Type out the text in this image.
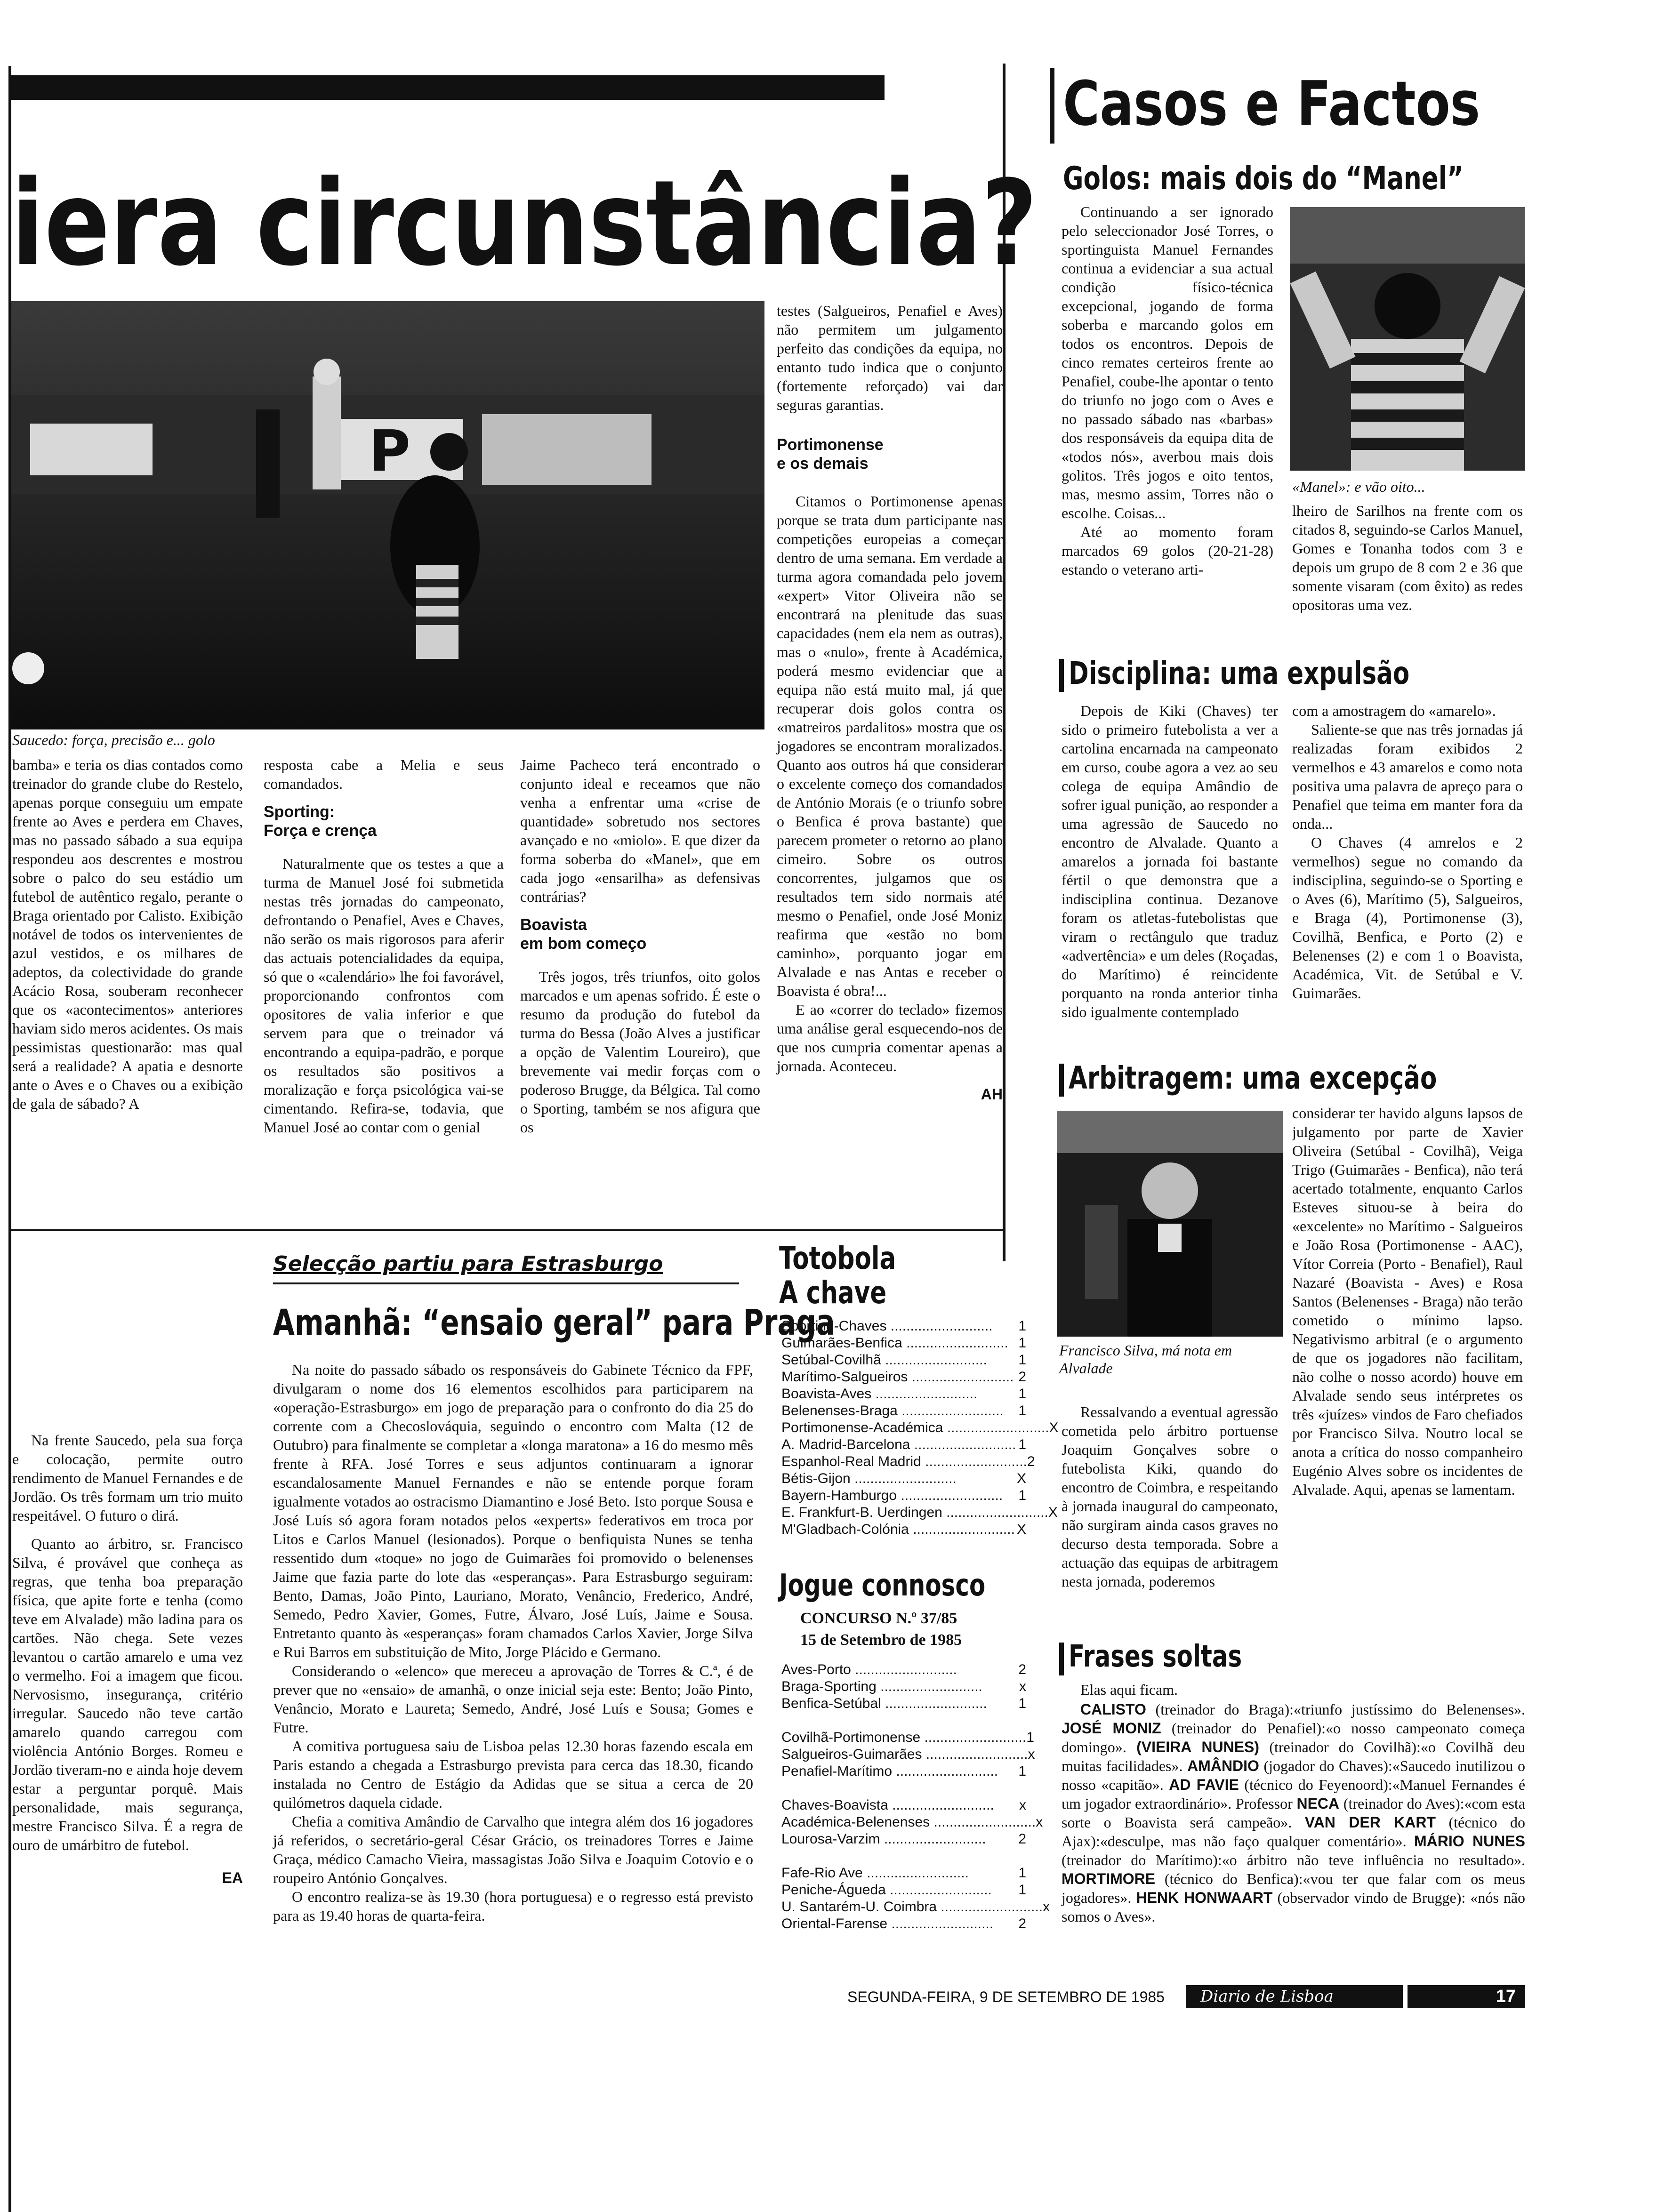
iera circunstância?
P
Saucedo: força, precisão e... golo

bamba» e teria os dias contados como treinador do grande clube do Restelo, apenas porque conseguiu um empate frente ao Aves e perdera em Chaves, mas no passado sábado a sua equipa respondeu aos descrentes e mostrou sobre o palco do seu estádio um futebol de autêntico regalo, perante o Braga orientado por Calisto. Exibição notável de todos os intervenientes de azul vestidos, e os milhares de adeptos, da colectividade do grande Acácio Rosa, souberam reconhecer que os «acontecimentos» anteriores haviam sido meros acidentes. Os mais pessimistas questionarão: mas qual será a realidade? A apatia e desnorte ante o Aves e o Chaves ou a exibição de gala de sábado? A

Na frente Saucedo, pela sua força e colocação, permite outro rendimento de Manuel Fernandes e de Jordão. Os três formam um trio muito respeitável. O futuro o dirá.

Quanto ao árbitro, sr. Francisco Silva, é provável que conheça as regras, que tenha boa preparação física, que apite forte e tenha (como teve em Alvalade) mão ladina para os cartões. Não chega. Sete vezes levantou o cartão amarelo e uma vez o vermelho. Foi a imagem que ficou. Nervosismo, insegurança, critério irregular. Saucedo não teve cartão amarelo quando carregou com violência António Borges. Romeu e Jordão tiveram-no e ainda hoje devem estar a perguntar porquê. Mais personalidade, mais segurança, mestre Francisco Silva. É a regra de ouro de umárbitro de futebol.

EA

resposta cabe a Melia e seus comandados.

Sporting:
Força e crença

Naturalmente que os testes a que a turma de Manuel José foi submetida nestas três jornadas do campeonato, defrontando o Penafiel, Aves e Chaves, não serão os mais rigorosos para aferir das actuais potencialidades da equipa, só que o «calendário» lhe foi favorável, proporcionando confrontos com opositores de valia inferior e que servem para que o treinador vá encontrando a equipa-padrão, e porque os resultados são positivos a moralização e força psicológica vai-se cimentando. Refira-se, todavia, que Manuel José ao contar com o genial

Jaime Pacheco terá encontrado o conjunto ideal e receamos que não venha a enfrentar uma «crise de quantidade» sobretudo nos sectores avançado e no «miolo». E que dizer da forma soberba do «Manel», que em cada jogo «ensarilha» as defensivas contrárias?

Boavista
em bom começo

Três jogos, três triunfos, oito golos marcados e um apenas sofrido. É este o resumo da produção do futebol da turma do Bessa (João Alves a justificar a opção de Valentim Loureiro), que brevemente vai medir forças com o poderoso Brugge, da Bélgica. Tal como o Sporting, também se nos afigura que os

testes (Salgueiros, Penafiel e Aves) não permitem um julgamento perfeito das condições da equipa, no entanto tudo indica que o conjunto (fortemente reforçado) vai dar seguras garantias.

Portimonense
e os demais

Citamos o Portimonense apenas porque se trata dum participante nas competições europeias a começar dentro de uma semana. Em verdade a turma agora comandada pelo jovem «expert» Vitor Oliveira não se encontrará na plenitude das suas capacidades (nem ela nem as outras), mas o «nulo», frente à Académica, poderá mesmo evidenciar que a equipa não está muito mal, já que recuperar dois golos contra os «matreiros pardalitos» mostra que os jogadores se encontram moralizados. Quanto aos outros há que considerar o excelente começo dos comandados de António Morais (e o triunfo sobre o Benfica é prova bastante) que parecem prometer o retorno ao plano cimeiro. Sobre os outros concorrentes, julgamos que os resultados tem sido normais até mesmo o Penafiel, onde José Moniz reafirma que «estão no bom caminho», porquanto jogar em Alvalade e nas Antas e receber o Boavista é obra!...

E ao «correr do teclado» fizemos uma análise geral esquecendo-nos de que nos cumpria comentar apenas a jornada. Aconteceu.

AH
Selecção partiu para Estrasburgo
Amanhã: “ensaio geral” para Praga

Na noite do passado sábado os responsáveis do Gabinete Técnico da FPF, divulgaram o nome dos 16 elementos escolhidos para participarem na «operação-Estrasburgo» em jogo de preparação para o confronto do dia 25 do corrente com a Checoslováquia, seguindo o encontro com Malta (12 de Outubro) para finalmente se completar a «longa maratona» a 16 do mesmo mês frente à RFA. José Torres e seus adjuntos continuaram a ignorar escandalosamente Manuel Fernandes e não se entende porque foram igualmente votados ao ostracismo Diamantino e José Beto. Isto porque Sousa e José Luís só agora foram notados pelos «experts» federativos em troca por Litos e Carlos Manuel (lesionados). Porque o benfiquista Nunes se tenha ressentido dum «toque» no jogo de Guimarães foi promovido o belenenses Jaime que fazia parte do lote das «esperanças». Para Estrasburgo seguiram: Bento, Damas, João Pinto, Lauriano, Morato, Venâncio, Frederico, André, Semedo, Pedro Xavier, Gomes, Futre, Álvaro, José Luís, Jaime e Sousa. Entretanto quanto às «esperanças» foram chamados Carlos Xavier, Jorge Silva e Rui Barros em substituição de Mito, Jorge Plácido e Germano.

Considerando o «elenco» que mereceu a aprovação de Torres & C.ª, é de prever que no «ensaio» de amanhã, o onze inicial seja este: Bento; João Pinto, Venâncio, Morato e Laureta; Semedo, André, José Luís e Sousa; Gomes e Futre.

A comitiva portuguesa saiu de Lisboa pelas 12.30 horas fazendo escala em Paris estando a chegada a Estrasburgo prevista para cerca das 18.30, ficando instalada no Centro de Estágio da Adidas que se situa a cerca de 20 quilómetros daquela cidade.

Chefia a comitiva Amândio de Carvalho que integra além dos 16 jogadores já referidos, o secretário-geral César Grácio, os treinadores Torres e Jaime Graça, médico Camacho Vieira, massagistas João Silva e Joaquim Cotovio e o roupeiro António Gonçalves.

O encontro realiza-se às 19.30 (hora portuguesa) e o regresso está previsto para as 19.40 horas de quarta-feira.

Totobola
A chave
Sporting-Chaves ..........................	1
Guimarães-Benfica .......................... 1
Setúbal-Covilhã ..........................	1
Marítimo-Salgueiros .......................... 2
Boavista-Aves ..........................	1
Belenenses-Braga ..........................	1
Portimonense-Académica .......................... X
A. Madrid-Barcelona .......................... 1
Espanhol-Real Madrid .......................... 2
Bétis-Gijon ..........................	X
Bayern-Hamburgo ..........................	1
E. Frankfurt-B. Uerdingen .......................... X
M'Gladbach-Colónia .......................... X
Jogue connosco
CONCURSO N.º 37/85
15 de Setembro de 1985
Aves-Porto ..........................	2
Braga-Sporting ..........................	x
Benfica-Setúbal ..........................	1
Covilhã-Portimonense .......................... 1
Salgueiros-Guimarães .......................... x
Penafiel-Marítimo ..........................	1
Chaves-Boavista ..........................	x
Académica-Belenenses .......................... x
Lourosa-Varzim ..........................	2
Fafe-Rio Ave ..........................	1
Peniche-Águeda ..........................	1
U. Santarém-U. Coimbra .......................... x
Oriental-Farense ..........................	2
Casos e Factos
Golos: mais dois do “Manel”

Continuando a ser ignorado pelo seleccionador José Torres, o sportinguista Manuel Fernandes continua a evidenciar a sua actual condição físico-técnica excepcional, jogando de forma soberba e marcando golos em todos os encontros. Depois de cinco remates certeiros frente ao Penafiel, coube-lhe apontar o tento do triunfo no jogo com o Aves e no passado sábado nas «barbas» dos responsáveis da equipa dita de «todos nós», averbou mais dois golitos. Três jogos e oito tentos, mas, mesmo assim, Torres não o escolhe. Coisas...

Até ao momento foram marcados 69 golos (20-21-28) estando o veterano arti-

«Manel»: e vão oito...

lheiro de Sarilhos na frente com os citados 8, seguindo-se Carlos Manuel, Gomes e Tonanha todos com 3 e depois um grupo de 8 com 2 e 36 que somente visaram (com êxito) as redes opositoras uma vez.

Disciplina: uma expulsão

Depois de Kiki (Chaves) ter sido o primeiro futebolista a ver a cartolina encarnada na campeonato em curso, coube agora a vez ao seu colega de equipa Amândio de sofrer igual punição, ao responder a uma agressão de Saucedo no encontro de Alvalade. Quanto a amarelos a jornada foi bastante fértil o que demonstra que a indisciplina continua. Dezanove foram os atletas-futebolistas que viram o rectângulo que traduz «advertência» e um deles (Roçadas, do Marítimo) é reincidente porquanto na ronda anterior tinha sido igualmente contemplado

com a amostragem do «amarelo».

Saliente-se que nas três jornadas já realizadas foram exibidos 2 vermelhos e 43 amarelos e como nota positiva uma palavra de apreço para o Penafiel que teima em manter fora da onda...

O Chaves (4 amrelos e 2 vermelhos) segue no comando da indisciplina, seguindo-se o Sporting e o Aves (6), Marítimo (5), Salgueiros, e Braga (4), Portimonense (3), Covilhã, Benfica, e Porto (2) e Belenenses (2) e com 1 o Boavista, Académica, Vit. de Setúbal e V. Guimarães.

Arbitragem: uma excepção
Francisco Silva, má nota em Alvalade

Ressalvando a eventual agressão cometida pelo árbitro portuense Joaquim Gonçalves sobre o futebolista Kiki, quando do encontro de Coimbra, e respeitando à jornada inaugural do campeonato, não surgiram ainda casos graves no decurso desta temporada. Sobre a actuação das equipas de arbitragem nesta jornada, poderemos

considerar ter havido alguns lapsos de julgamento por parte de Xavier Oliveira (Setúbal - Covilhã), Veiga Trigo (Guimarães - Benfica), não terá acertado totalmente, enquanto Carlos Esteves situou-se à beira do «excelente» no Marítimo - Salgueiros e João Rosa (Portimonense - AAC), Vítor Correia (Porto - Benafiel), Raul Nazaré (Boavista - Aves) e Rosa Santos (Belenenses - Braga) não terão cometido o mínimo lapso. Negativismo arbitral (e o argumento de que os jogadores não facilitam, não colhe o nosso acordo) houve em Alvalade sendo seus intérpretes os três «juízes» vindos de Faro chefiados por Francisco Silva. Noutro local se anota a crítica do nosso companheiro Eugénio Alves sobre os incidentes de Alvalade. Aqui, apenas se lamentam.

Frases soltas
Elas aqui ficam.
CALISTO (treinador do Braga):«triunfo justíssimo do Belenenses». JOSÉ MONIZ (treinador do Penafiel):«o nosso campeonato começa domingo». (VIEIRA NUNES) (treinador do Covilhã):«o Covilhã deu muitas facilidades». AMÂNDIO (jogador do Chaves):«Saucedo inutilizou o nosso «capitão». AD FAVIE (técnico do Feyenoord):«Manuel Fernandes é um jogador extraordinário». Professor NECA (treinador do Aves):«com esta sorte o Boavista será campeão». VAN DER KART (técnico do Ajax):«desculpe, mas não faço qualquer comentário». MÁRIO NUNES (treinador do Marítimo):«o árbitro não teve influência no resultado». MORTIMORE (técnico do Benfica):«vou ter que falar com os meus jogadores». HENK HONWAART (observador vindo de Brugge): «nós não somos o Aves».
SEGUNDA-FEIRA, 9 DE SETEMBRO DE 1985	Diario de Lisboa	17
